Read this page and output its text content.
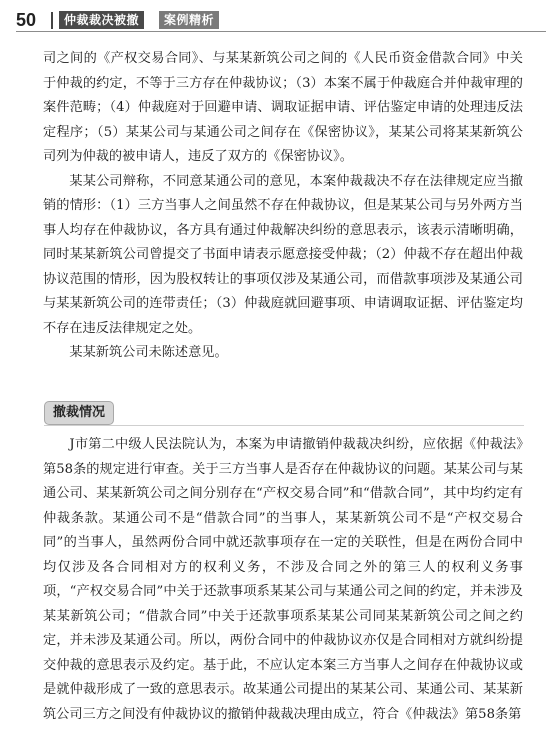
50	仲裁裁决被撤	案例精析

司之间的《产权交易合同》、与某某新筑公司之间的《人民币资金借款合同》中关于仲裁的约定，不等于三方存在仲裁协议；（3）本案不属于仲裁庭合并仲裁审理的案件范畴；（4）仲裁庭对于回避申请、调取证据申请、评估鉴定申请的处理违反法定程序；（5）某某公司与某通公司之间存在《保密协议》，某某公司将某某新筑公司列为仲裁的被申请人，违反了双方的《保密协议》。

某某公司辩称，不同意某通公司的意见，本案仲裁裁决不存在法律规定应当撤销的情形：（1）三方当事人之间虽然不存在仲裁协议，但是某某公司与另外两方当事人均存在仲裁协议，各方具有通过仲裁解决纠纷的意思表示，该表示清晰明确，同时某某新筑公司曾提交了书面申请表示愿意接受仲裁；（2）仲裁不存在超出仲裁协议范围的情形，因为股权转让的事项仅涉及某通公司，而借款事项涉及某通公司与某某新筑公司的连带责任；（3）仲裁庭就回避事项、申请调取证据、评估鉴定均不存在违反法律规定之处。

某某新筑公司未陈述意见。

撤裁情况

J市第二中级人民法院认为，本案为申请撤销仲裁裁决纠纷，应依据《仲裁法》第58条的规定进行审查。关于三方当事人是否存在仲裁协议的问题。某某公司与某通公司、某某新筑公司之间分别存在“产权交易合同”和“借款合同”，其中均约定有仲裁条款。某通公司不是“借款合同”的当事人，某某新筑公司不是“产权交易合同”的当事人，虽然两份合同中就还款事项存在一定的关联性，但是在两份合同中均仅涉及各合同相对方的权利义务，不涉及合同之外的第三人的权利义务事项，“产权交易合同”中关于还款事项系某某公司与某通公司之间的约定，并未涉及某某新筑公司；“借款合同”中关于还款事项系某某公司同某某新筑公司之间之约定，并未涉及某通公司。所以，两份合同中的仲裁协议亦仅是合同相对方就纠纷提交仲裁的意思表示及约定。基于此，不应认定本案三方当事人之间存在仲裁协议或是就仲裁形成了一致的意思表示。故某通公司提出的某某公司、某通公司、某某新筑公司三方之间没有仲裁协议的撤销仲裁裁决理由成立，符合《仲裁法》第58条第
